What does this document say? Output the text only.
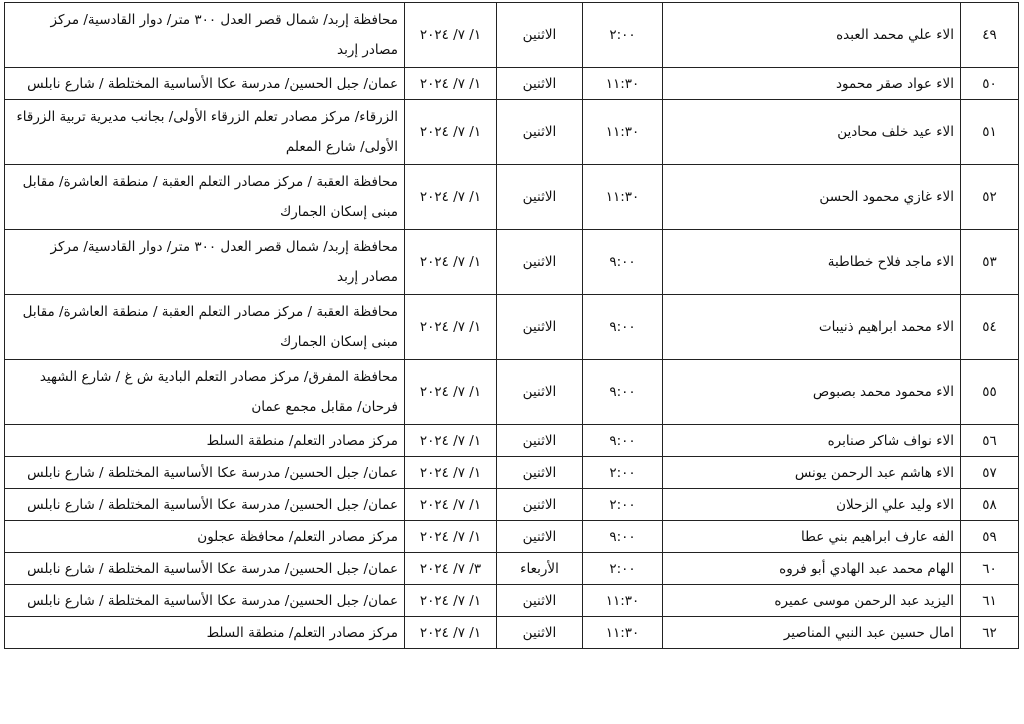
٤٩	الاء علي محمد العبده	٢:٠٠	الاثنين	١/ ٧/ ٢٠٢٤	محافظة إربد/ شمال قصر العدل ٣٠٠ متر/ دوار القادسية/ مركز مصادر إربد
٥٠	الاء عواد صقر محمود	١١:٣٠	الاثنين	١/ ٧/ ٢٠٢٤	عمان/ جبل الحسين/ مدرسة عكا الأساسية المختلطة / شارع نابلس
٥١	الاء عيد خلف محادين	١١:٣٠	الاثنين	١/ ٧/ ٢٠٢٤	الزرقاء/ مركز مصادر تعلم الزرقاء الأولى/ بجانب مديرية تربية الزرقاء الأولى/ شارع المعلم
٥٢	الاء غازي محمود الحسن	١١:٣٠	الاثنين	١/ ٧/ ٢٠٢٤	محافظة العقبة / مركز مصادر التعلم العقبة / منطقة العاشرة/ مقابل مبنى إسكان الجمارك
٥٣	الاء ماجد فلاح خطاطبة	٩:٠٠	الاثنين	١/ ٧/ ٢٠٢٤	محافظة إربد/ شمال قصر العدل ٣٠٠ متر/ دوار القادسية/ مركز مصادر إربد
٥٤	الاء محمد ابراهيم ذنيبات	٩:٠٠	الاثنين	١/ ٧/ ٢٠٢٤	محافظة العقبة / مركز مصادر التعلم العقبة / منطقة العاشرة/ مقابل مبنى إسكان الجمارك
٥٥	الاء محمود محمد بصبوص	٩:٠٠	الاثنين	١/ ٧/ ٢٠٢٤	محافظة المفرق/ مركز مصادر التعلم البادية ش غ / شارع الشهيد فرحان/ مقابل مجمع عمان
٥٦	الاء نواف شاكر صنابره	٩:٠٠	الاثنين	١/ ٧/ ٢٠٢٤	مركز مصادر التعلم/ منطقة السلط
٥٧	الاء هاشم عبد الرحمن يونس	٢:٠٠	الاثنين	١/ ٧/ ٢٠٢٤	عمان/ جبل الحسين/ مدرسة عكا الأساسية المختلطة / شارع نابلس
٥٨	الاء وليد علي الزحلان	٢:٠٠	الاثنين	١/ ٧/ ٢٠٢٤	عمان/ جبل الحسين/ مدرسة عكا الأساسية المختلطة / شارع نابلس
٥٩	الفه عارف ابراهيم بني عطا	٩:٠٠	الاثنين	١/ ٧/ ٢٠٢٤	مركز مصادر التعلم/ محافظة عجلون
٦٠	الهام محمد عبد الهادي أبو فروه	٢:٠٠	الأربعاء	٣/ ٧/ ٢٠٢٤	عمان/ جبل الحسين/ مدرسة عكا الأساسية المختلطة / شارع نابلس
٦١	اليزيد عبد الرحمن موسى عميره	١١:٣٠	الاثنين	١/ ٧/ ٢٠٢٤	عمان/ جبل الحسين/ مدرسة عكا الأساسية المختلطة / شارع نابلس
٦٢	امال حسين عبد النبي المناصير	١١:٣٠	الاثنين	١/ ٧/ ٢٠٢٤	مركز مصادر التعلم/ منطقة السلط
